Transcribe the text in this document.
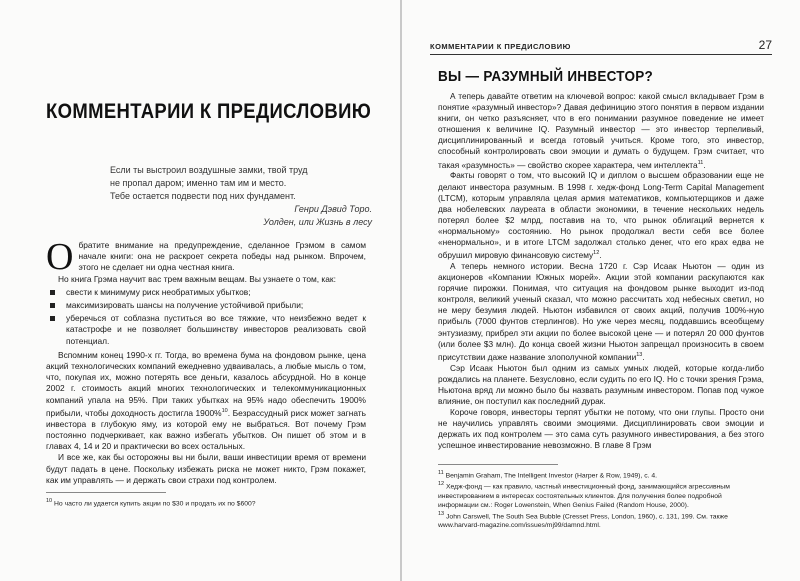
КОММЕНТАРИИ К ПРЕДИСЛОВИЮ
Если ты выстроил воздушные замки, твой труд
не пропал даром; именно там им и место.
Тебе остается подвести под них фундамент.
Генри Дэвид Торо.
Уолден, или Жизнь в лесу
О братите внимание на предупреждение, сделанное Грэмом в самом начале книги: она не раскроет секрета победы над рынком. Впрочем, этого не сделает ни одна честная книга.

Но книга Грэма научит вас трем важным вещам. Вы узнаете о том, как:

свести к минимуму риск необратимых убытков;
максимизировать шансы на получение устойчивой прибыли;
уберечься от соблазна пуститься во все тяжкие, что неизбежно ведет к катастрофе и не позволяет большинству инвесторов реализовать свой потенциал.

Вспомним конец 1990-х гг. Тогда, во времена бума на фондовом рынке, цена акций технологических компаний ежедневно удваивалась, а любые мысль о том, что, покупая их, можно потерять все деньги, казалось абсурдной. Но в конце 2002 г. стоимость акций многих технологических и телекоммуникационных компаний упала на 95%. При таких убытках на 95% надо обеспечить 1900% прибыли, чтобы доходность достигла 1900%$^{10}$. Безрассудный риск может загнать инвестора в глубокую яму, из которой ему не выбраться. Вот почему Грэм постоянно подчеркивает, как важно избегать убытков. Он пишет об этом и в главах 4, 14 и 20 и практически во всех остальных.

И все же, как бы осторожны вы ни были, ваши инвестиции время от времени будут падать в цене. Поскольку избежать риска не может никто, Грэм покажет, как им управлять — и держать свои страхи под контролем.

$^{10}$ Но часто ли удается купить акции по $30 и продать их по $600?

КОММЕНТАРИИ К ПРЕДИСЛОВИЮ	27
ВЫ — РАЗУМНЫЙ ИНВЕСТОР?

А теперь давайте ответим на ключевой вопрос: какой смысл вкладывает Грэм в понятие «разумный инвестор»? Давая дефиницию этого понятия в первом издании книги, он четко разъясняет, что в его понимании разумное поведение не имеет отношения к величине IQ. Разумный инвестор — это инвестор терпеливый, дисциплинированный и всегда готовый учиться. Кроме того, это инвестор, способный контролировать свои эмоции и думать о будущем. Грэм считает, что такая «разумность» — свойство скорее характера, чем интеллекта$^{11}$.

Факты говорят о том, что высокий IQ и диплом о высшем образовании еще не делают инвестора разумным. В 1998 г. хедж-фонд Long-Term Capital Management (LTCM), которым управляла целая армия математиков, компьютерщиков и даже два нобелевских лауреата в области экономики, в течение нескольких недель потерял более $2 млрд, поставив на то, что рынок облигаций вернется к «нормальному» состоянию. Но рынок продолжал вести себя все более «ненормально», и в итоге LTCM задолжал столько денег, что его крах едва не обрушил мировую финансовую систему$^{12}$.

А теперь немного истории. Весна 1720 г. Сэр Исаак Ньютон — один из акционеров «Компании Южных морей». Акции этой компании раскупаются как горячие пирожки. Понимая, что ситуация на фондовом рынке выходит из-под контроля, великий ученый сказал, что можно рассчитать ход небесных светил, но не меру безумия людей. Ньютон избавился от своих акций, получив 100%-ную прибыль (7000 фунтов стерлингов). Но уже через месяц, поддавшись всеобщему энтузиазму, прибрел эти акции по более высокой цене — и потерял 20 000 фунтов (или более $3 млн). До конца своей жизни Ньютон запрещал произносить в своем присутствии даже название злополучной компании$^{13}$.

Сэр Исаак Ньютон был одним из самых умных людей, которые когда-либо рождались на планете. Безусловно, если судить по его IQ. Но с точки зрения Грэма, Ньютона вряд ли можно было бы назвать разумным инвестором. Попав под чужое влияние, он поступил как последний дурак.

Короче говоря, инвесторы терпят убытки не потому, что они глупы. Просто они не научились управлять своими эмоциями. Дисциплинировать свои эмоции и держать их под контролем — это сама суть разумного инвестирования, а без этого успешное инвестирование невозможно. В главе 8 Грэм

$^{11}$ Benjamin Graham, The Intelligent Investor (Harper & Row, 1949), с. 4.

$^{12}$ Хедж-фонд — как правило, частный инвестиционный фонд, занимающийся агрессивным инвестированием в интересах состоятельных клиентов. Для получения более подробной информации см.: Roger Lowenstein, When Genius Failed (Random House, 2000).

$^{13}$ John Carswell, The South Sea Bubble (Cresset Press, London, 1960), с. 131, 199. См. также www.harvard-magazine.com/issues/mj99/damnd.html.
